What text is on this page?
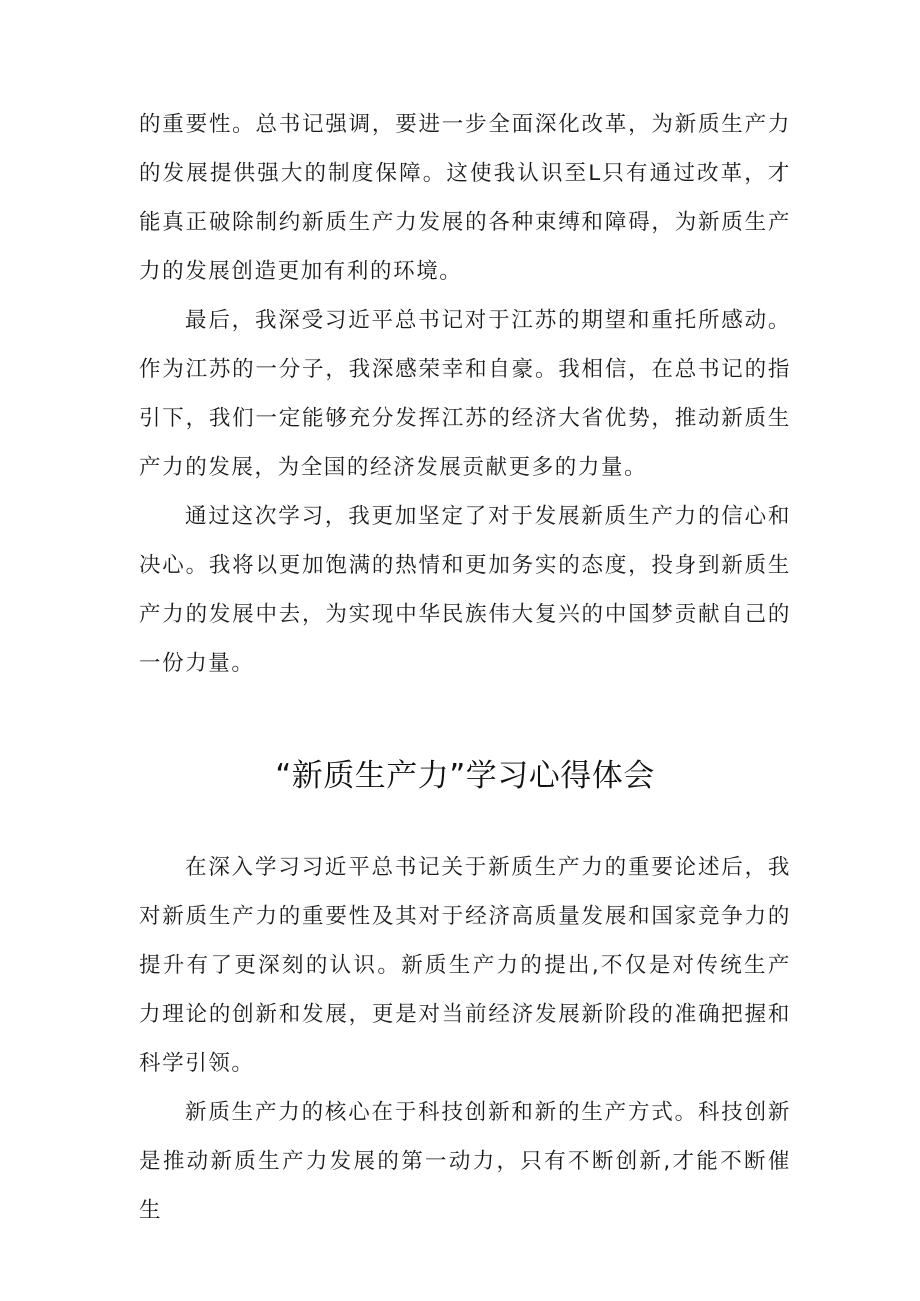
的重要性。总书记强调，要进一步全面深化改革，为新质生产力的发展提供强大的制度保障。这使我认识至L只有通过改革，才能真正破除制约新质生产力发展的各种束缚和障碍，为新质生产力的发展创造更加有利的环境。

最后，我深受习近平总书记对于江苏的期望和重托所感动。作为江苏的一分子，我深感荣幸和自豪。我相信，在总书记的指引下，我们一定能够充分发挥江苏的经济大省优势，推动新质生产力的发展，为全国的经济发展贡献更多的力量。

通过这次学习，我更加坚定了对于发展新质生产力的信心和决心。我将以更加饱满的热情和更加务实的态度，投身到新质生产力的发展中去，为实现中华民族伟大复兴的中国梦贡献自己的一份力量。

“新质生产力”学习心得体会

在深入学习习近平总书记关于新质生产力的重要论述后，我对新质生产力的重要性及其对于经济高质量发展和国家竞争力的提升有了更深刻的认识。新质生产力的提出,不仅是对传统生产力理论的创新和发展，更是对当前经济发展新阶段的准确把握和科学引领。

新质生产力的核心在于科技创新和新的生产方式。科技创新是推动新质生产力发展的第一动力，只有不断创新,才能不断催生
